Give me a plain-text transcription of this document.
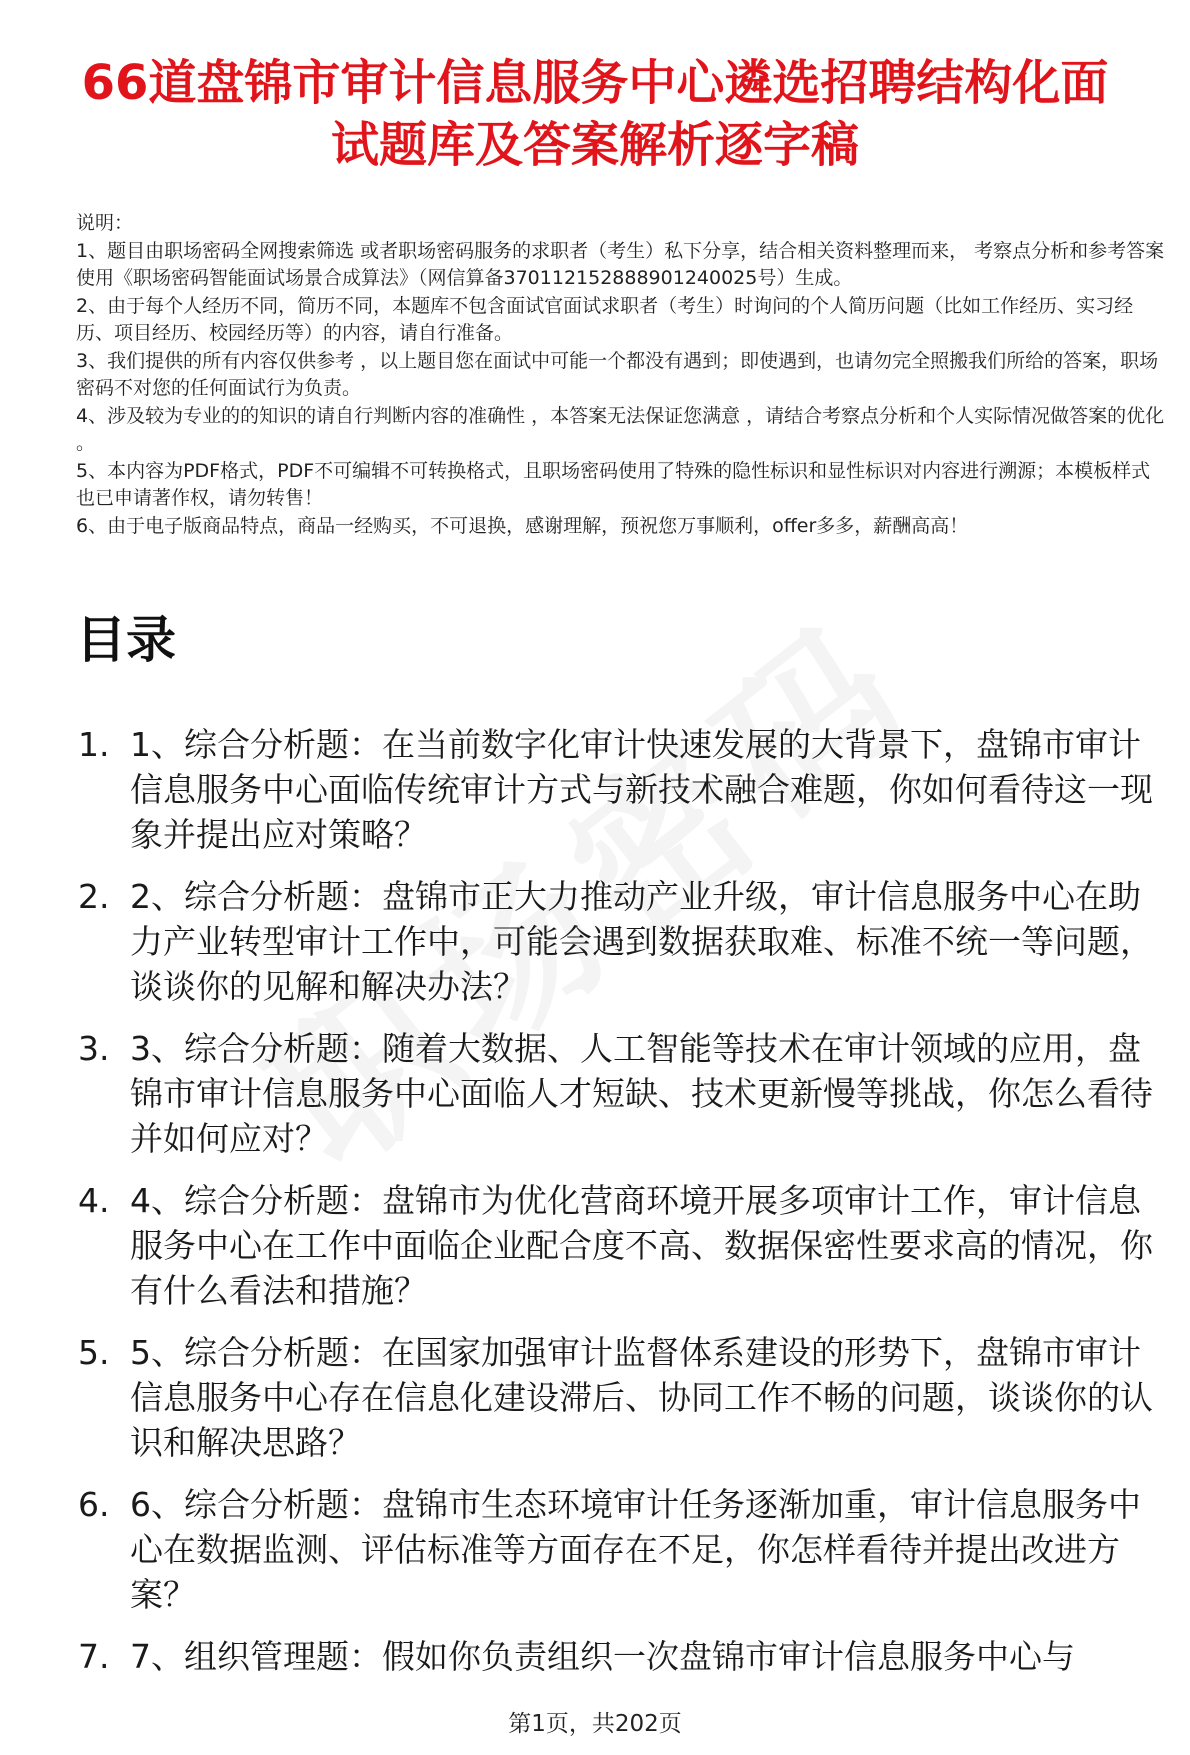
66道盘锦市审计信息服务中心遴选招聘结构化面试题库及答案解析逐字稿

说明：

1、题目由职场密码全网搜索筛选 或者职场密码服务的求职者（考生）私下分享，结合相关资料整理而来， 考察点分析和参考答案使用《职场密码智能面试场景合成算法》（网信算备370112152888901240025号）生成。

2、由于每个人经历不同，简历不同，本题库不包含面试官面试求职者（考生）时询问的个人简历问题（比如工作经历、实习经历、项目经历、校园经历等）的内容，请自行准备。

3、我们提供的所有内容仅供参考 ，以上题目您在面试中可能一个都没有遇到；即使遇到，也请勿完全照搬我们所给的答案，职场密码不对您的任何面试行为负责。

4、涉及较为专业的的知识的请自行判断内容的准确性 ，本答案无法保证您满意 ，请结合考察点分析和个人实际情况做答案的优化 。

5、本内容为PDF格式，PDF不可编辑不可转换格式，且职场密码使用了特殊的隐性标识和显性标识对内容进行溯源；本模板样式也已申请著作权，请勿转售！

6、由于电子版商品特点，商品一经购买，不可退换，感谢理解，预祝您万事顺利，offer多多，薪酬高高！

目录
1. 1、综合分析题：在当前数字化审计快速发展的大背景下，盘锦市审计信息服务中心面临传统审计方式与新技术融合难题，你如何看待这一现象并提出应对策略？
2. 2、综合分析题：盘锦市正大力推动产业升级，审计信息服务中心在助力产业转型审计工作中，可能会遇到数据获取难、标准不统一等问题，谈谈你的见解和解决办法？
3. 3、综合分析题：随着大数据、人工智能等技术在审计领域的应用，盘锦市审计信息服务中心面临人才短缺、技术更新慢等挑战，你怎么看待并如何应对？
4. 4、综合分析题：盘锦市为优化营商环境开展多项审计工作，审计信息服务中心在工作中面临企业配合度不高、数据保密性要求高的情况，你有什么看法和措施？
5. 5、综合分析题：在国家加强审计监督体系建设的形势下，盘锦市审计信息服务中心存在信息化建设滞后、协同工作不畅的问题，谈谈你的认识和解决思路？
6. 6、综合分析题：盘锦市生态环境审计任务逐渐加重，审计信息服务中心在数据监测、评估标准等方面存在不足，你怎样看待并提出改进方案？
7. 7、组织管理题：假如你负责组织一次盘锦市审计信息服务中心与
第1页，共202页
